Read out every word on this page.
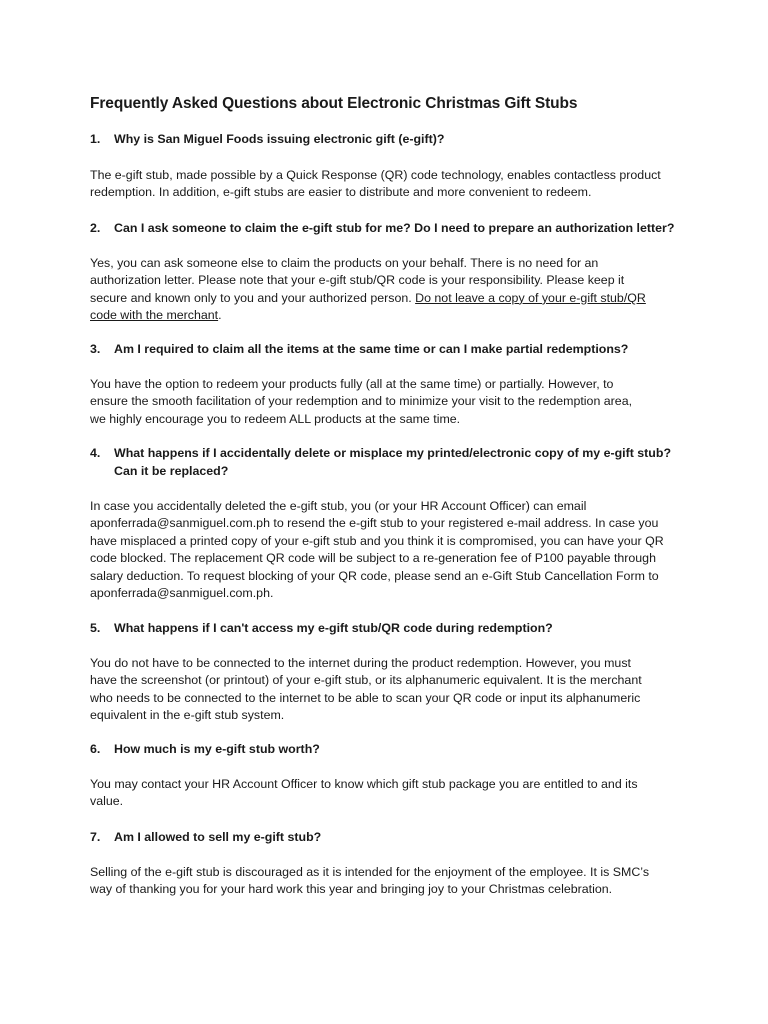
Frequently Asked Questions about Electronic Christmas Gift Stubs
1. Why is San Miguel Foods issuing electronic gift (e-gift)?

The e-gift stub, made possible by a Quick Response (QR) code technology, enables contactless product

redemption. In addition, e-gift stubs are easier to distribute and more convenient to redeem.

2. Can I ask someone to claim the e-gift stub for me? Do I need to prepare an authorization letter?

Yes, you can ask someone else to claim the products on your behalf. There is no need for an

authorization letter. Please note that your e-gift stub/QR code is your responsibility. Please keep it

secure and known only to you and your authorized person. Do not leave a copy of your e-gift stub/QR

code with the merchant.

3. Am I required to claim all the items at the same time or can I make partial redemptions?

You have the option to redeem your products fully (all at the same time) or partially. However, to

ensure the smooth facilitation of your redemption and to minimize your visit to the redemption area,

we highly encourage you to redeem ALL products at the same time.

4. What happens if I accidentally delete or misplace my printed/electronic copy of my e-gift stub?
Can it be replaced?

In case you accidentally deleted the e-gift stub, you (or your HR Account Officer) can email

aponferrada@sanmiguel.com.ph to resend the e-gift stub to your registered e-mail address. In case you

have misplaced a printed copy of your e-gift stub and you think it is compromised, you can have your QR

code blocked. The replacement QR code will be subject to a re-generation fee of P100 payable through

salary deduction. To request blocking of your QR code, please send an e-Gift Stub Cancellation Form to

aponferrada@sanmiguel.com.ph.

5. What happens if I can't access my e-gift stub/QR code during redemption?

You do not have to be connected to the internet during the product redemption. However, you must

have the screenshot (or printout) of your e-gift stub, or its alphanumeric equivalent. It is the merchant

who needs to be connected to the internet to be able to scan your QR code or input its alphanumeric

equivalent in the e-gift stub system.

6. How much is my e-gift stub worth?

You may contact your HR Account Officer to know which gift stub package you are entitled to and its

value.

7. Am I allowed to sell my e-gift stub?

Selling of the e-gift stub is discouraged as it is intended for the enjoyment of the employee. It is SMC’s

way of thanking you for your hard work this year and bringing joy to your Christmas celebration.
